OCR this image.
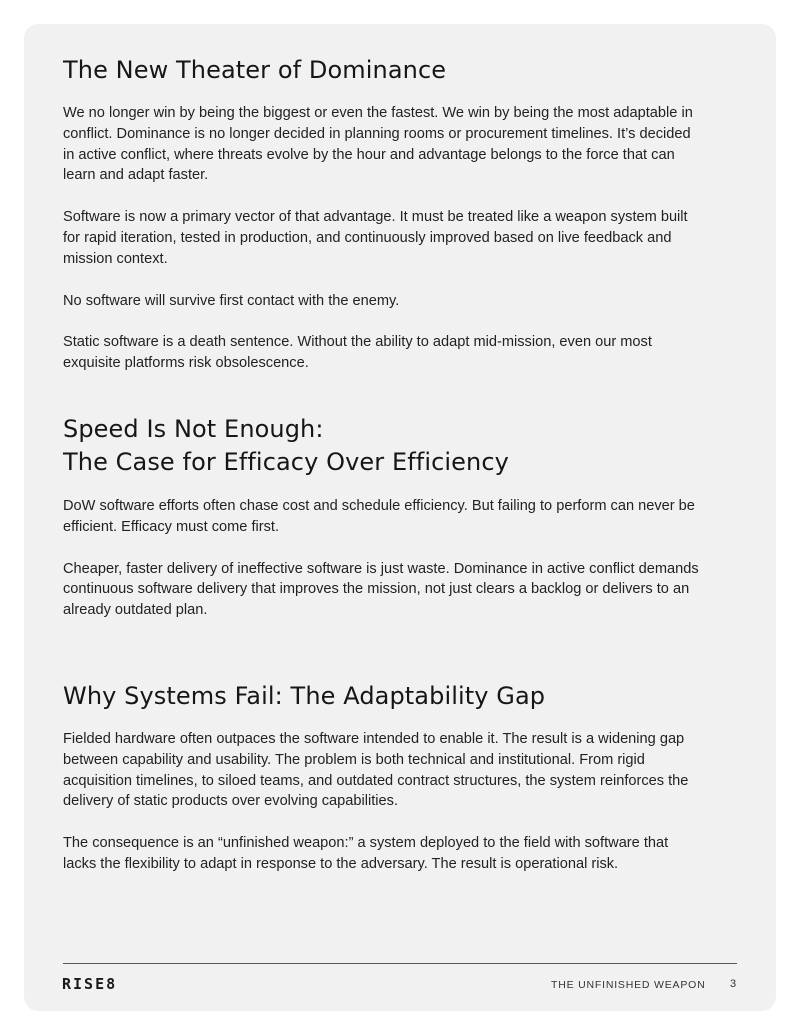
The New Theater of Dominance

We no longer win by being the biggest or even the fastest. We win by being the most adaptable in conflict. Dominance is no longer decided in planning rooms or procurement timelines. It’s decided in active conflict, where threats evolve by the hour and advantage belongs to the force that can learn and adapt faster.

Software is now a primary vector of that advantage. It must be treated like a weapon system built for rapid iteration, tested in production, and continuously improved based on live feedback and mission context.

No software will survive first contact with the enemy.

Static software is a death sentence. Without the ability to adapt mid-mission, even our most exquisite platforms risk obsolescence.

Speed Is Not Enough:
The Case for Efficacy Over Efficiency

DoW software efforts often chase cost and schedule efficiency. But failing to perform can never be efficient. Efficacy must come first.

Cheaper, faster delivery of ineffective software is just waste. Dominance in active conflict demands continuous software delivery that improves the mission, not just clears a backlog or delivers to an already outdated plan.

Why Systems Fail: The Adaptability Gap

Fielded hardware often outpaces the software intended to enable it. The result is a widening gap between capability and usability. The problem is both technical and institutional. From rigid acquisition timelines, to siloed teams, and outdated contract structures, the system reinforces the delivery of static products over evolving capabilities.

The consequence is an “unfinished weapon:” a system deployed to the field with software that lacks the flexibility to adapt in response to the adversary. The result is operational risk.

RISE8	THE UNFINISHED WEAPON 3
